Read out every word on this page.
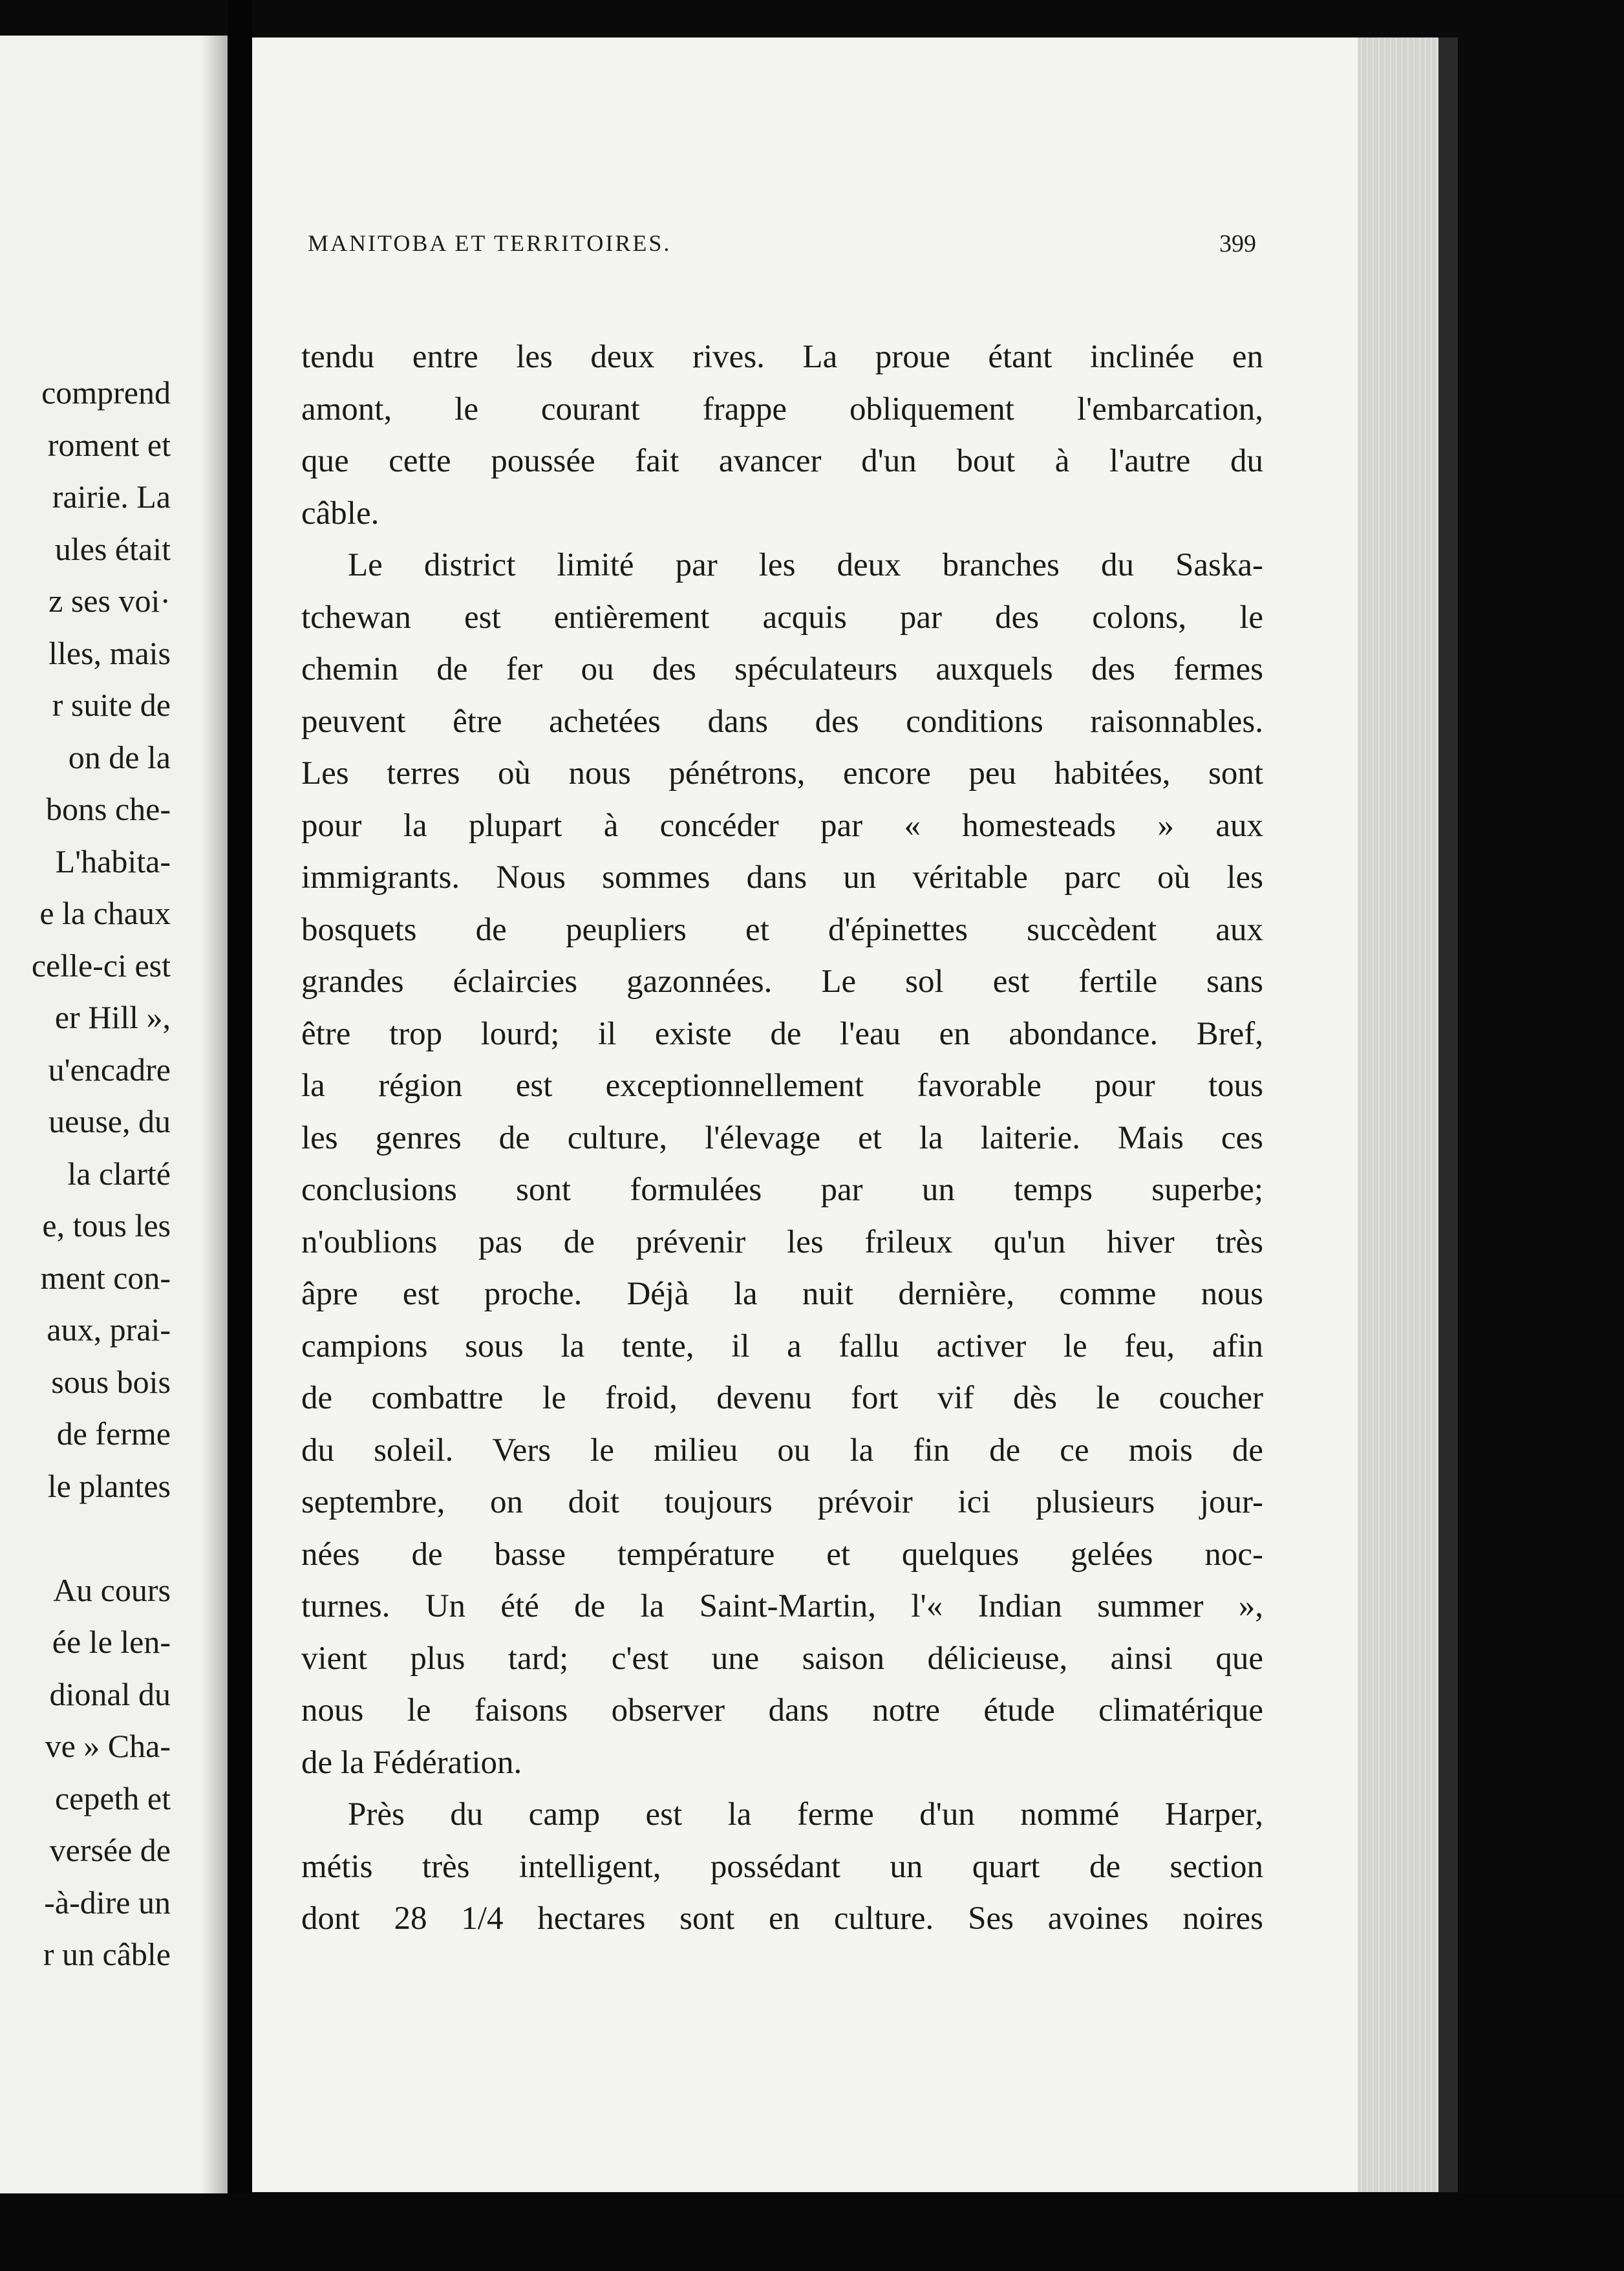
comprend
roment et
rairie. La
ules était
z ses voi·
lles, mais
r suite de
on de la
bons che-
L'habita-
e la chaux
celle-ci est
er Hill »,
u'encadre
ueuse, du
la clarté
e, tous les
ment con-
aux, prai-
sous bois
de ferme
le plantes
Au cours
ée le len-
dional du
ve » Cha-
cepeth et
versée de
-à-dire un
r un câble
MANITOBA ET TERRITOIRES.	399
tendu entre les deux rives. La proue étant inclinée en
amont, le courant frappe obliquement l'embarcation,
que cette poussée fait avancer d'un bout à l'autre du
câble.
Le district limité par les deux branches du Saska-
tchewan est entièrement acquis par des colons, le
chemin de fer ou des spéculateurs auxquels des fermes
peuvent être achetées dans des conditions raisonnables.
Les terres où nous pénétrons, encore peu habitées, sont
pour la plupart à concéder par « homesteads » aux
immigrants. Nous sommes dans un véritable parc où les
bosquets de peupliers et d'épinettes succèdent aux
grandes éclaircies gazonnées. Le sol est fertile sans
être trop lourd; il existe de l'eau en abondance. Bref,
la région est exceptionnellement favorable pour tous
les genres de culture, l'élevage et la laiterie. Mais ces
conclusions sont formulées par un temps superbe;
n'oublions pas de prévenir les frileux qu'un hiver très
âpre est proche. Déjà la nuit dernière, comme nous
campions sous la tente, il a fallu activer le feu, afin
de combattre le froid, devenu fort vif dès le coucher
du soleil. Vers le milieu ou la fin de ce mois de
septembre, on doit toujours prévoir ici plusieurs jour-
nées de basse température et quelques gelées noc-
turnes. Un été de la Saint-Martin, l'« Indian summer »,
vient plus tard; c'est une saison délicieuse, ainsi que
nous le faisons observer dans notre étude climatérique
de la Fédération.
Près du camp est la ferme d'un nommé Harper,
métis très intelligent, possédant un quart de section
dont 28 1/4 hectares sont en culture. Ses avoines noires
